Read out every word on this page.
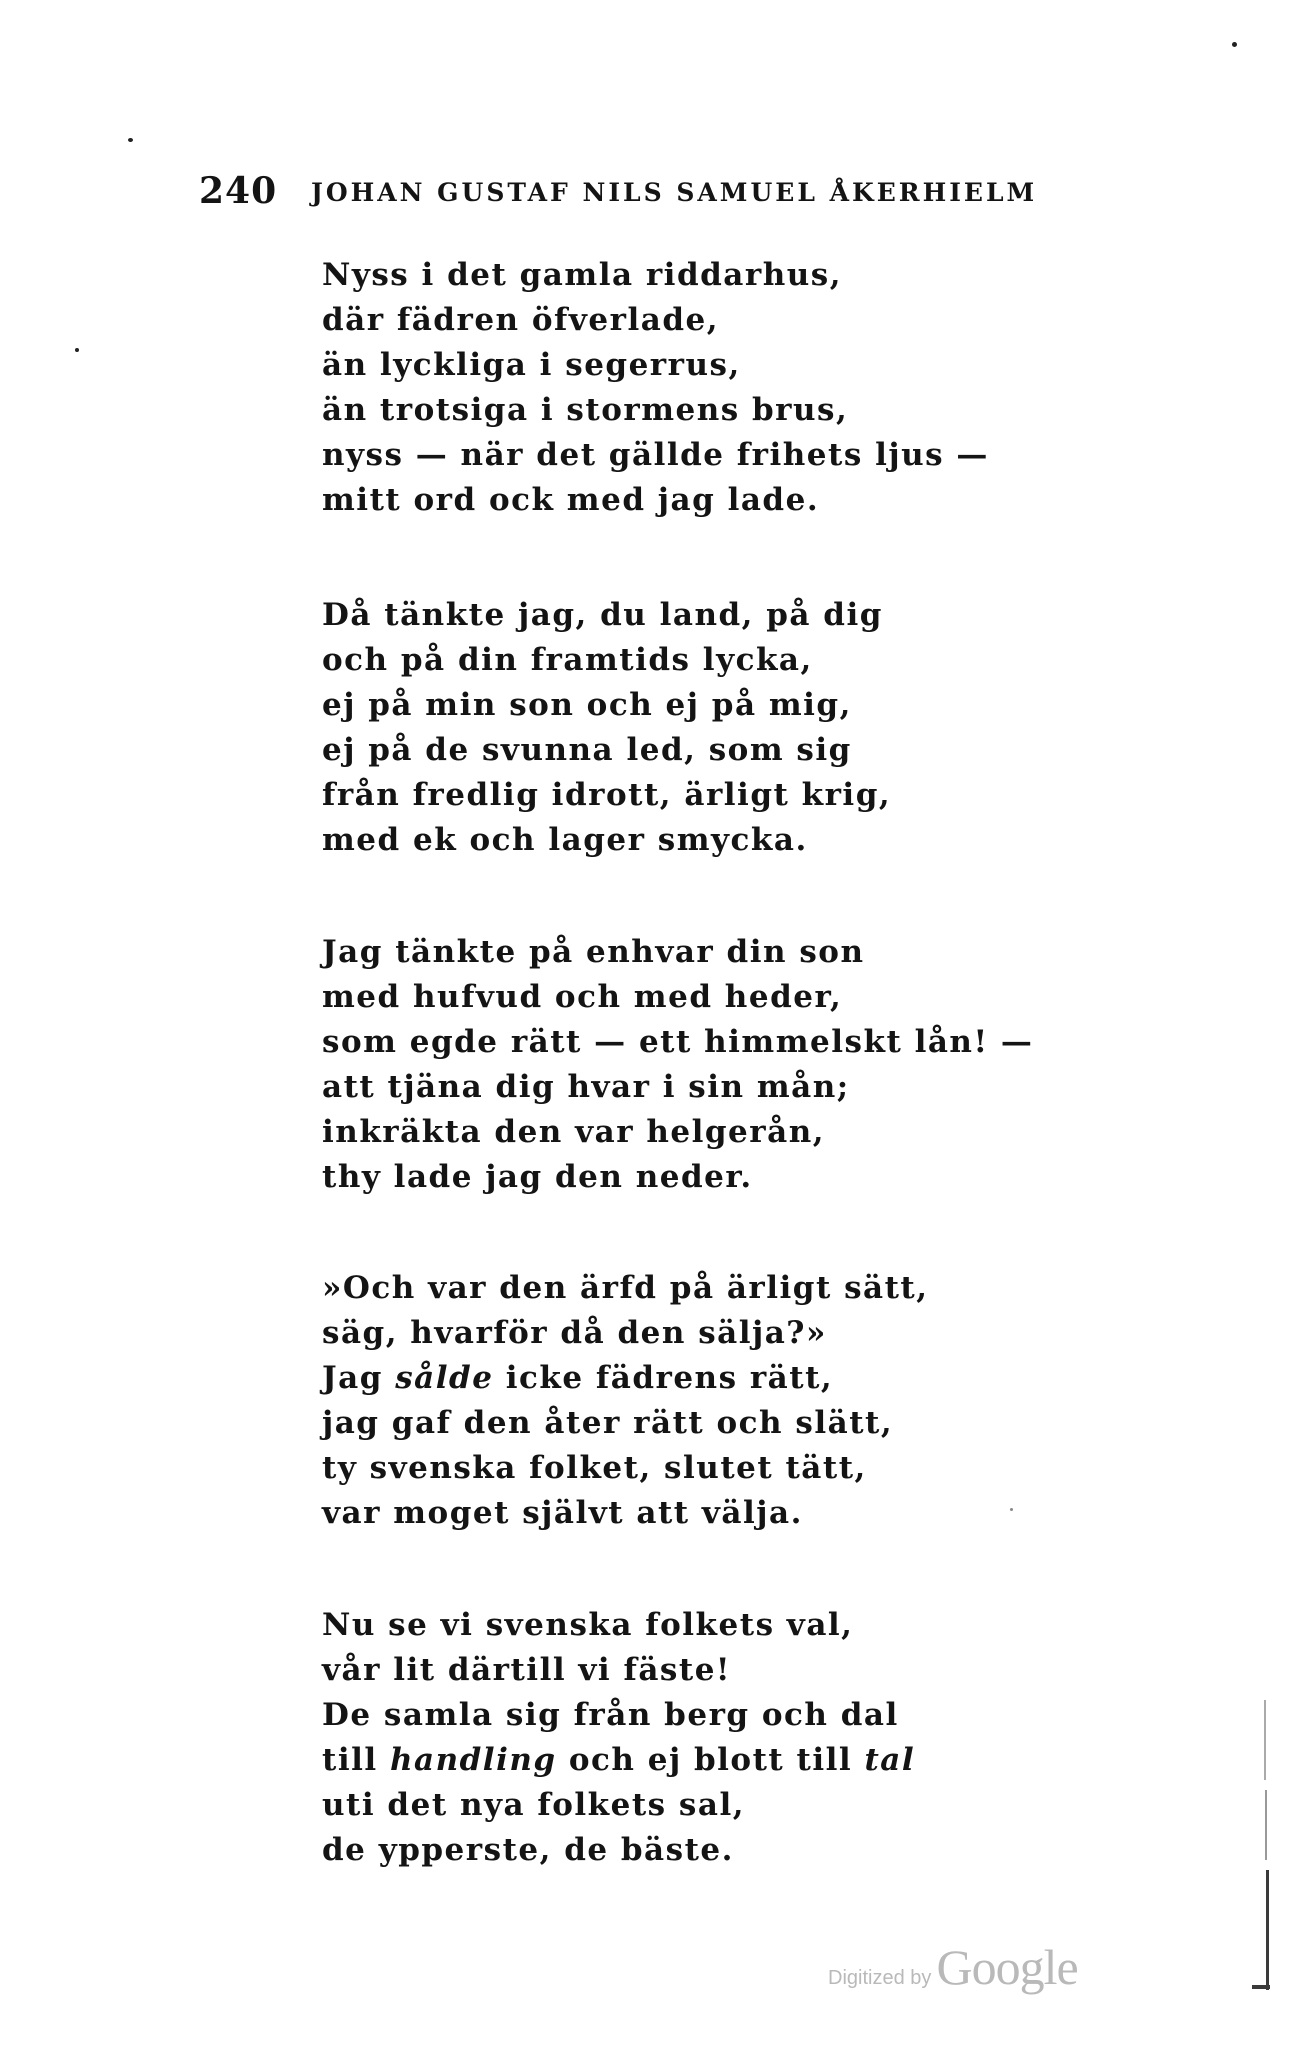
240 JOHAN GUSTAF NILS SAMUEL ÅKERHIELM
Nyss i det gamla riddarhus,
där fädren öfverlade,
än lyckliga i segerrus,
än trotsiga i stormens brus,
nyss — när det gällde frihets ljus —
mitt ord ock med jag lade.
Då tänkte jag, du land, på dig
och på din framtids lycka,
ej på min son och ej på mig,
ej på de svunna led, som sig
från fredlig idrott, ärligt krig,
med ek och lager smycka.
Jag tänkte på enhvar din son
med hufvud och med heder,
som egde rätt — ett himmelskt lån! —
att tjäna dig hvar i sin mån;
inkräkta den var helgerån,
thy lade jag den neder.
»Och var den ärfd på ärligt sätt,
säg, hvarför då den sälja?»
Jag sålde icke fädrens rätt,
jag gaf den åter rätt och slätt,
ty svenska folket, slutet tätt,
var moget självt att välja.
Nu se vi svenska folkets val,
vår lit därtill vi fäste!
De samla sig från berg och dal
till handling och ej blott till tal
uti det nya folkets sal,
de ypperste, de bäste.
Digitized by Google
